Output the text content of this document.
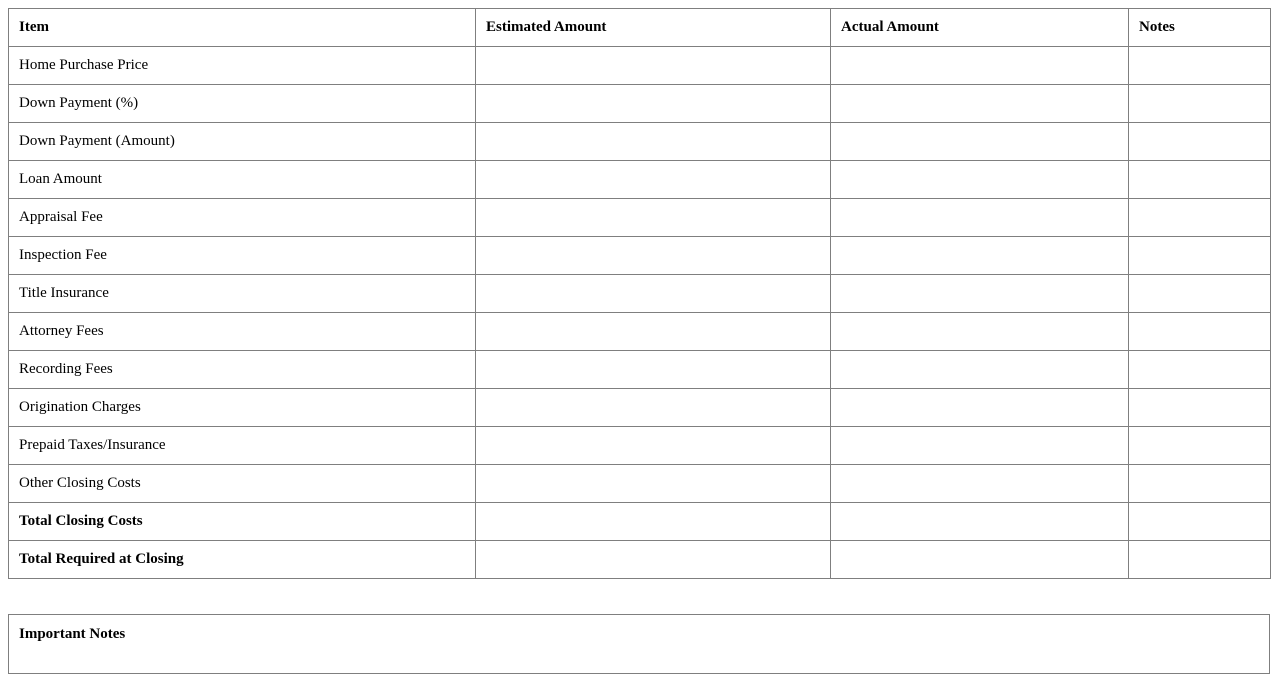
Item	Estimated Amount	Actual Amount	Notes
Home Purchase Price			
Down Payment (%)			
Down Payment (Amount)			
Loan Amount			
Appraisal Fee			
Inspection Fee			
Title Insurance			
Attorney Fees			
Recording Fees			
Origination Charges			
Prepaid Taxes/Insurance			
Other Closing Costs			
Total Closing Costs			
Total Required at Closing			
Important Notes
